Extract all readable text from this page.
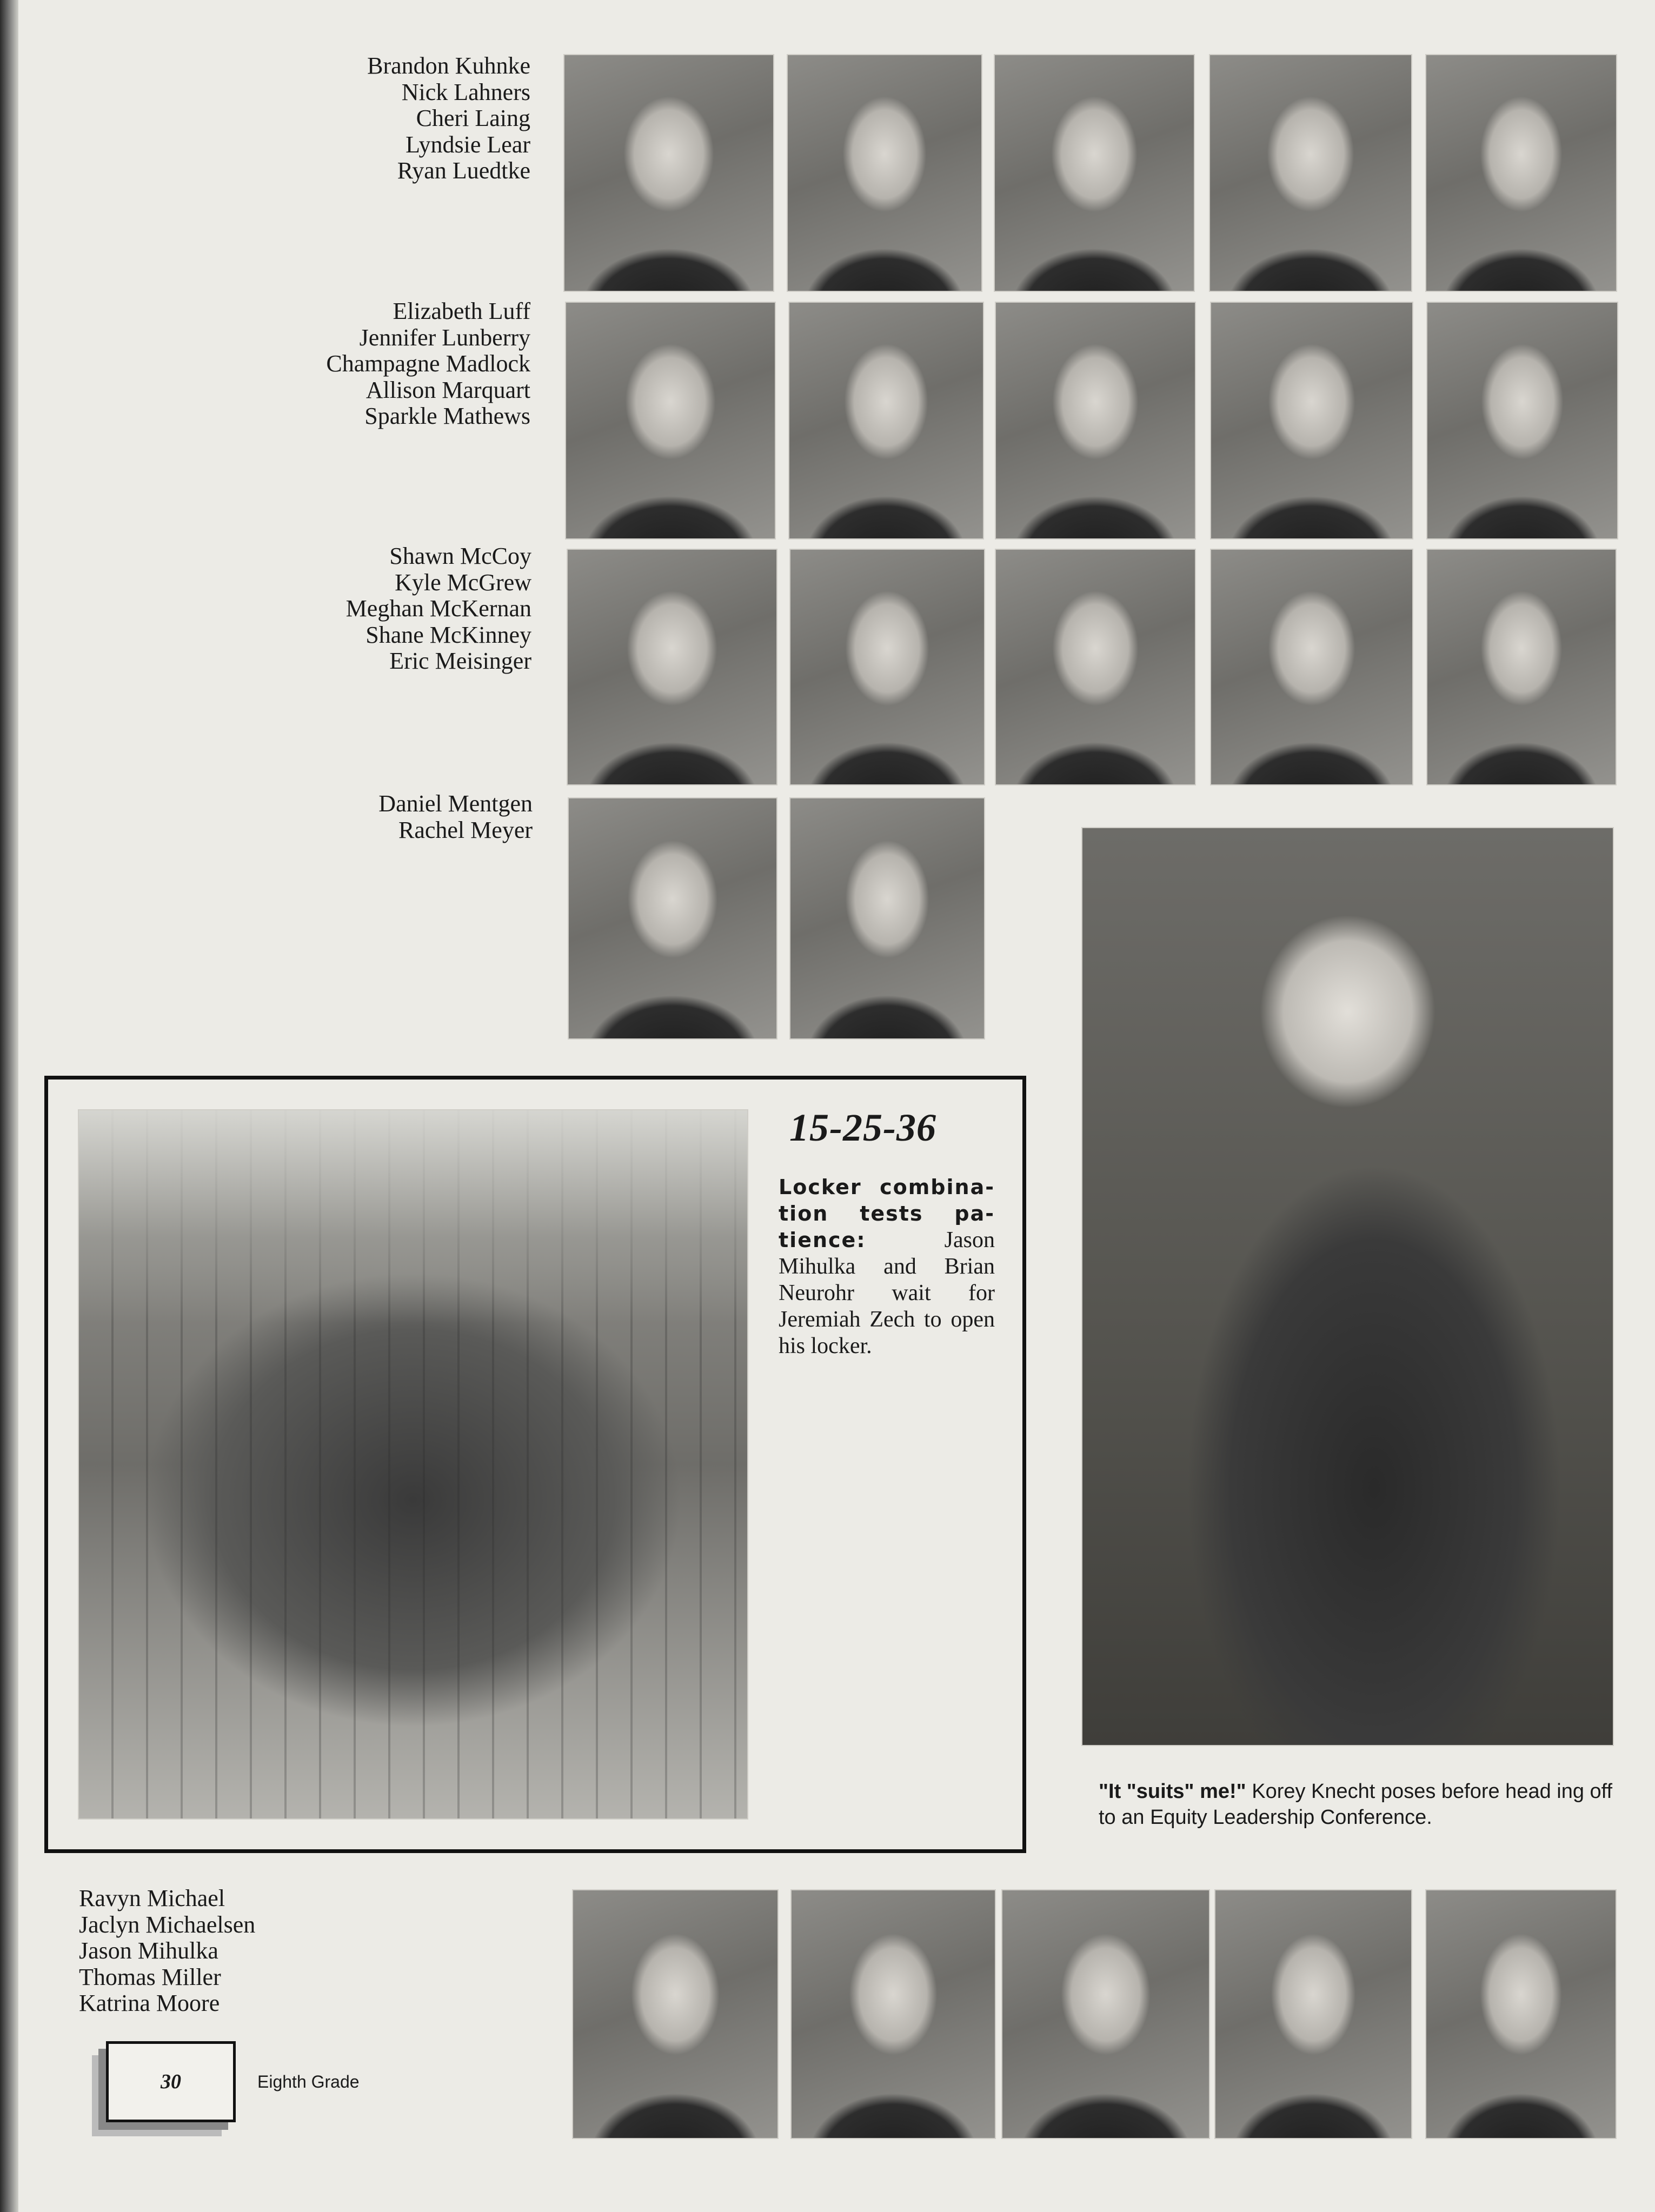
Brandon Kuhnke
Nick Lahners
Cheri Laing
Lyndsie Lear
Ryan Luedtke
Elizabeth Luff
Jennifer Lunberry
Champagne Madlock
Allison Marquart
Sparkle Mathews
Shawn McCoy
Kyle McGrew
Meghan McKernan
Shane McKinney
Eric Meisinger
Daniel Mentgen
Rachel Meyer
15-25-36
Locker combina-tion tests pa-tience:	Jason Mihulka and Brian Neurohr wait for Jeremiah Zech to open his locker.
"It "suits" me!" Korey Knecht poses before head ing off to an Equity Leadership Conference.
Ravyn Michael
Jaclyn Michaelsen
Jason Mihulka
Thomas Miller
Katrina Moore
30	Eighth Grade
